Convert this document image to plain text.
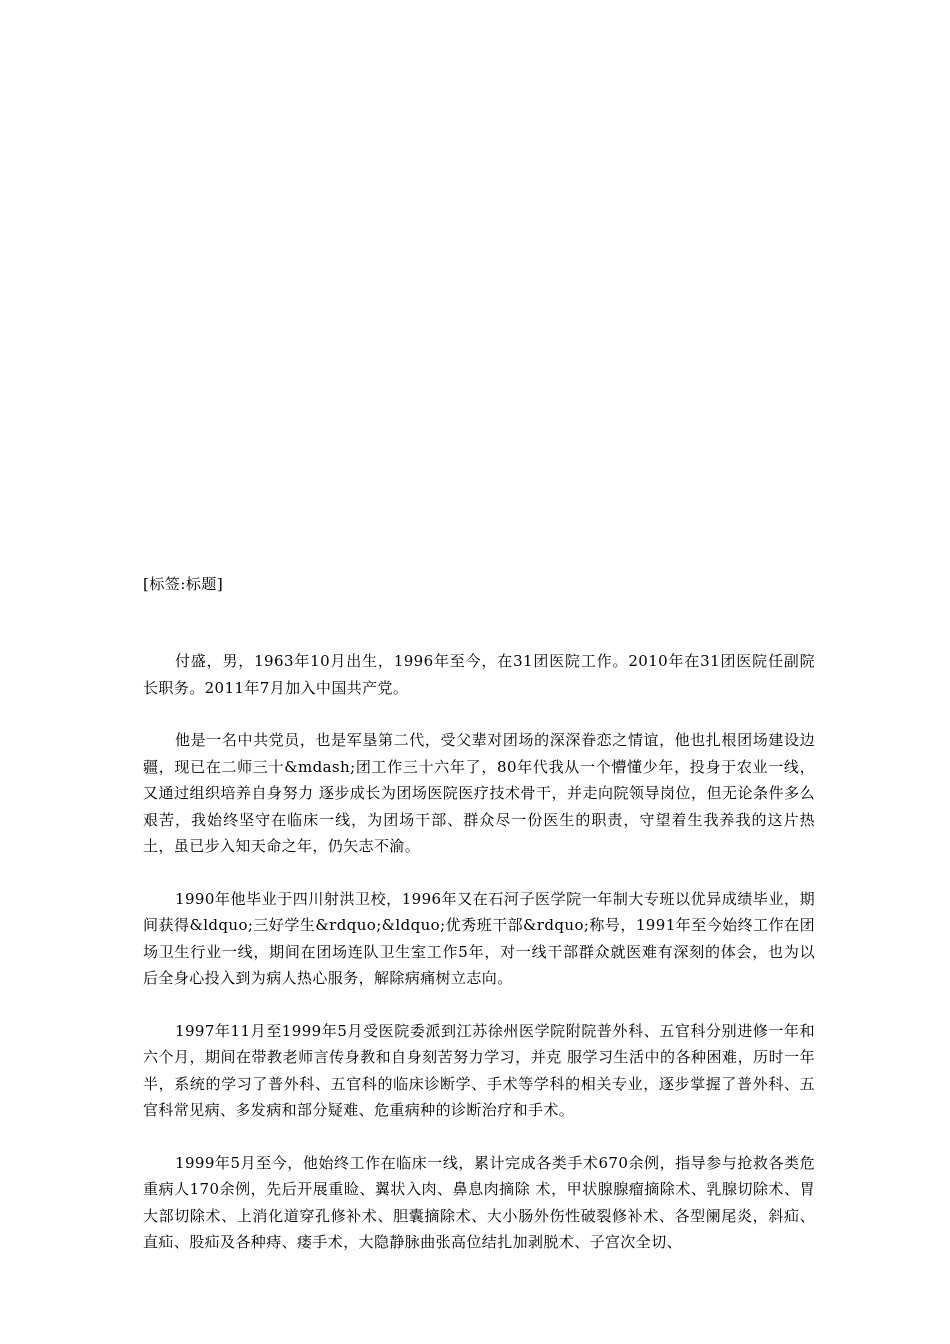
[标签:标题]

付盛，男，1963年10月出生，1996年至今，在31团医院工作。2010年在31团医院任副院长职务。2011年7月加入中国共产党。

他是一名中共党员，也是军垦第二代，受父辈对团场的深深眷恋之情谊，他也扎根团场建设边疆，现已在二师三十&mdash;团工作三十六年了，80年代我从一个懵懂少年，投身于农业一线，又通过组织培养自身努力 逐步成长为团场医院医疗技术骨干，并走向院领导岗位，但无论条件多么艰苦，我始终坚守在临床一线，为团场干部、群众尽一份医生的职责，守望着生我养我的这片热土，虽已步入知天命之年，仍矢志不渝。

1990年他毕业于四川射洪卫校，1996年又在石河子医学院一年制大专班以优异成绩毕业，期间获得&ldquo;三好学生&rdquo;&ldquo;优秀班干部&rdquo;称号，1991年至今始终工作在团场卫生行业一线，期间在团场连队卫生室工作5年，对一线干部群众就医难有深刻的体会，也为以后全身心投入到为病人热心服务，解除病痛树立志向。

1997年11月至1999年5月受医院委派到江苏徐州医学院附院普外科、五官科分别进修一年和六个月，期间在带教老师言传身教和自身刻苦努力学习，并克 服学习生活中的各种困难，历时一年半，系统的学习了普外科、五官科的临床诊断学、手术等学科的相关专业，逐步掌握了普外科、五官科常见病、多发病和部分疑难、危重病种的诊断治疗和手术。

1999年5月至今，他始终工作在临床一线，累计完成各类手术670余例，指导参与抢救各类危重病人170余例，先后开展重睑、翼状入肉、鼻息肉摘除 术，甲状腺腺瘤摘除术、乳腺切除术、胃大部切除术、上消化道穿孔修补术、胆囊摘除术、大小肠外伤性破裂修补术、各型阑尾炎，斜疝、直疝、股疝及各种痔、瘘手术，大隐静脉曲张高位结扎加剥脱术、子宫次全切、
